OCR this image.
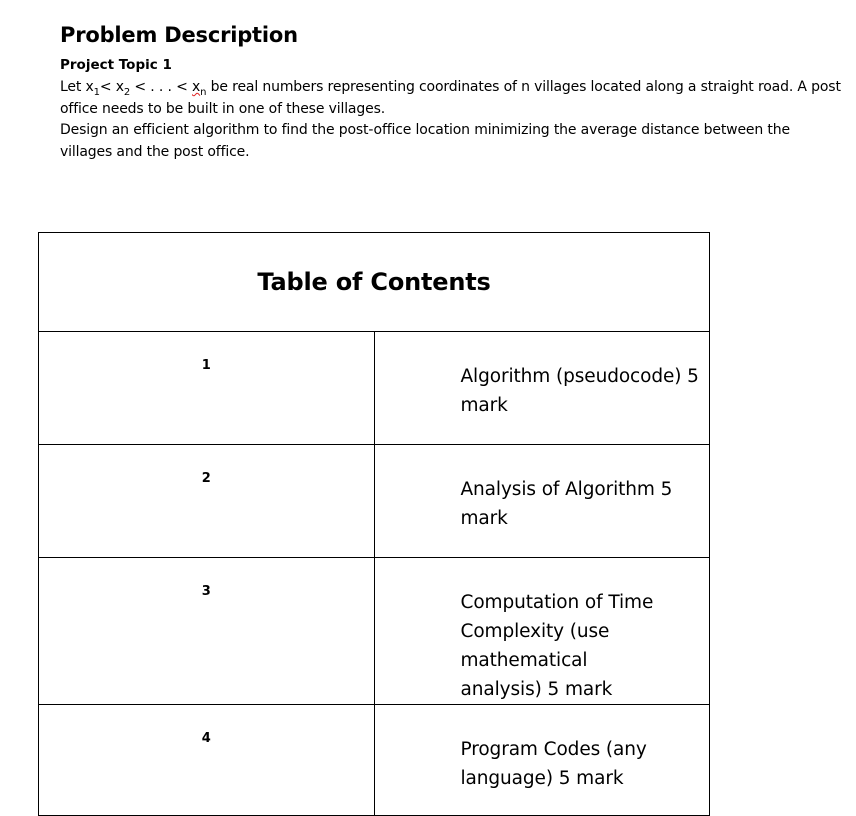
Problem Description
Project Topic 1
Let $x_1< x_2$ < . . . < $x_n$ be real numbers representing coordinates of n villages located along a straight road. A post
office needs to be built in one of these villages.
Design an efficient algorithm to find the post-office location minimizing the average distance between the
villages and the post office.
Table of Contents	
1	Algorithm (pseudocode) 5 mark

2	Analysis of Algorithm 5 mark

3	Computation of Time Complexity (use mathematical
analysis) 5 mark

4	Program Codes (any language) 5 mark
